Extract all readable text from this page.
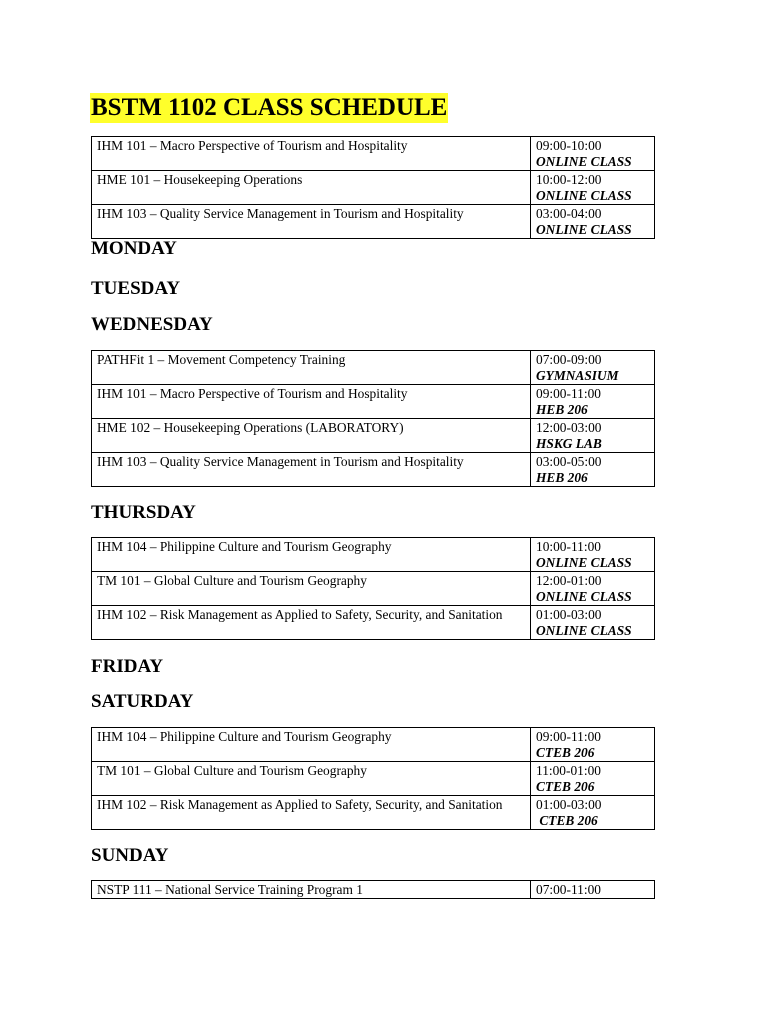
BSTM 1102 CLASS SCHEDULE
IHM 101 – Macro Perspective of Tourism and Hospitality	09:00-10:00
ONLINE CLASS

HME 101 – Housekeeping Operations	10:00-12:00
ONLINE CLASS

IHM 103 – Quality Service Management in Tourism and Hospitality	03:00-04:00
ONLINE CLASS
MONDAY
TUESDAY
WEDNESDAY
PATHFit 1 – Movement Competency Training	07:00-09:00
GYMNASIUM

IHM 101 – Macro Perspective of Tourism and Hospitality	09:00-11:00
HEB 206

HME 102 – Housekeeping Operations (LABORATORY)	12:00-03:00
HSKG LAB

IHM 103 – Quality Service Management in Tourism and Hospitality	03:00-05:00
HEB 206
THURSDAY
IHM 104 – Philippine Culture and Tourism Geography	10:00-11:00
ONLINE CLASS

TM 101 – Global Culture and Tourism Geography	12:00-01:00
ONLINE CLASS

IHM 102 – Risk Management as Applied to Safety, Security, and Sanitation	01:00-03:00
ONLINE CLASS
FRIDAY
SATURDAY
IHM 104 – Philippine Culture and Tourism Geography	09:00-11:00
CTEB 206

TM 101 – Global Culture and Tourism Geography	11:00-01:00
CTEB 206

IHM 102 – Risk Management as Applied to Safety, Security, and Sanitation	01:00-03:00
CTEB 206
SUNDAY
NSTP 111 – National Service Training Program 1	07:00-11:00
